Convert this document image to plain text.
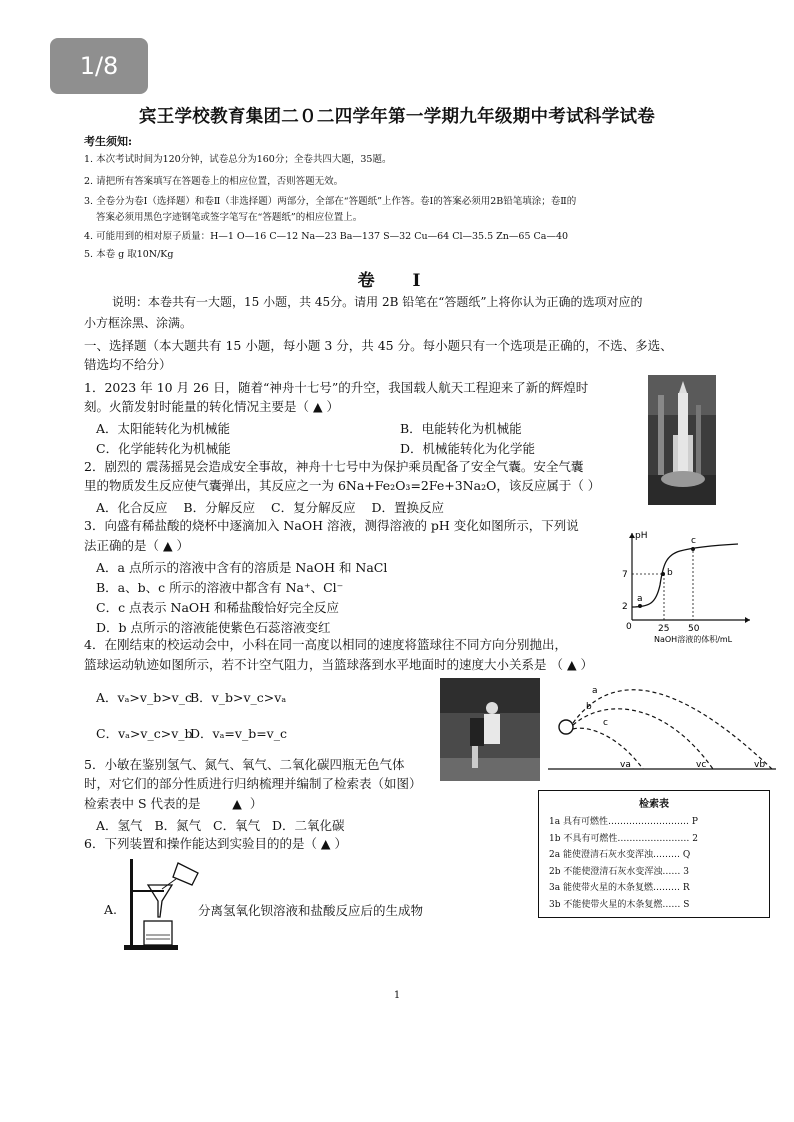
1/8
宾王学校教育集团二０二四学年第一学期九年级期中考试科学试卷
考生须知:
1. 本次考试时间为120分钟，试卷总分为160分；全卷共四大题，35题。
2. 请把所有答案填写在答题卷上的相应位置，否则答题无效。
3. 全卷分为卷Ⅰ（选择题）和卷Ⅱ（非选择题）两部分，全部在“答题纸”上作答。卷Ⅰ的答案必须用2B铅笔填涂；卷Ⅱ的
答案必须用黑色字迹钢笔或签字笔写在“答题纸”的相应位置上。
4. 可能用到的相对原子质量：H—1 O—16 C—12 Na—23 Ba—137 S—32 Cu—64 Cl—35.5 Zn—65 Ca—40
5. 本卷 g 取10N/Kg
卷 Ⅰ
说明：本卷共有一大题，15 小题，共 45分。请用 2B 铅笔在“答题纸”上将你认为正确的选项对应的
小方框涂黑、涂满。
一、选择题（本大题共有 15 小题，每小题 3 分，共 45 分。每小题只有一个选项是正确的，不选、多选、
错选均不给分）
1．2023 年 10 月 26 日，随着“神舟十七号”的升空，我国载人航天工程迎来了新的辉煌时
刻。火箭发射时能量的转化情况主要是（ ▲ ）
A．太阳能转化为机械能	B．电能转化为机械能
C．化学能转化为机械能	D．机械能转化为化学能
2．剧烈的 震荡摇晃会造成安全事故，神舟十七号中为保护乘员配备了安全气囊。安全气囊
里的物质发生反应使气囊弹出，其反应之一为 6Na+Fe₂O₃=2Fe+3Na₂O，该反应属于（ ）
A．化合反应    B．分解反应    C．复分解反应    D．置换反应
3．向盛有稀盐酸的烧杯中逐滴加入 NaOH 溶液，测得溶液的 pH 变化如图所示，下列说
法正确的是（ ▲ ）
A．a 点所示的溶液中含有的溶质是 NaOH 和 NaCl
B．a、b、c 所示的溶液中都含有 Na⁺、Cl⁻
C．c 点表示 NaOH 和稀盐酸恰好完全反应
D．b 点所示的溶液能使紫色石蕊溶液变红
pH
0
2
7
25 50
a
b
c
NaOH溶液的体积/mL
4．在刚结束的校运动会中，小科在同一高度以相同的速度将篮球往不同方向分别抛出，
篮球运动轨迹如图所示，若不计空气阻力，当篮球落到水平地面时的速度大小关系是 （ ▲ ）
A．vₐ>v_b>v_c
B．v_b>v_c>vₐ
C．vₐ>v_c>v_b
D．vₐ=v_b=v_c
a
b
c
va	vc	vb
5．小敏在鉴别氢气、氮气、氧气、二氧化碳四瓶无色气体
时，对它们的部分性质进行归纳梳理并编制了检索表（如图）
检索表中 S 代表的是        ▲  ）
A．氢气   B．氮气   C．氧气   D．二氧化碳
检索表
1a 具有可燃性……………………… P
1b 不具有可燃性…………………… 2
2a 能使澄清石灰水变浑浊……… Q
2b 不能使澄清石灰水变浑浊…… 3
3a 能使带火星的木条复燃……… R
3b 不能使带火星的木条复燃…… S
6．下列装置和操作能达到实验目的的是（ ▲ ）
A.	分离氢氧化钡溶液和盐酸反应后的生成物
1
